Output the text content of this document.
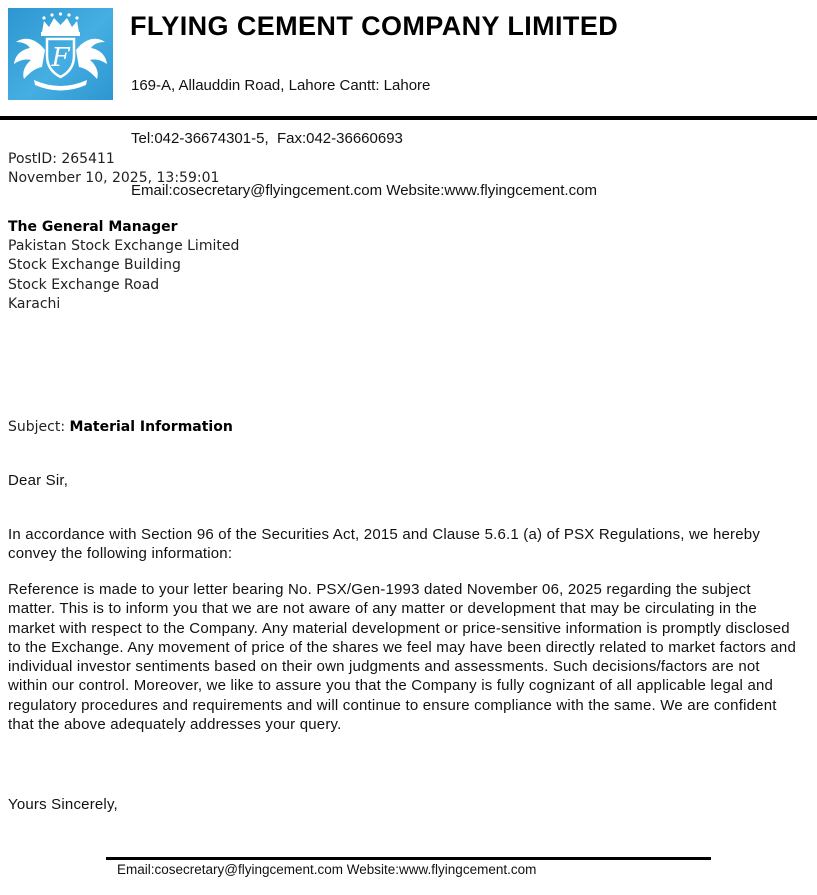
F
FLYING CEMENT COMPANY LIMITED

169-A, Allauddin Road, Lahore Cantt: Lahore

Tel:042-36674301-5,  Fax:042-36660693

Email:cosecretary@flyingcement.com Website:www.flyingcement.com

PostID: 265411
November 10, 2025, 13:59:01
The General Manager
Pakistan Stock Exchange Limited
Stock Exchange Building
Stock Exchange Road
Karachi
Subject: Material Information
Dear Sir,

In accordance with Section 96 of the Securities Act, 2015 and Clause 5.6.1 (a) of PSX Regulations, we hereby convey the following information:

Reference is made to your letter bearing No. PSX/Gen-1993 dated November 06, 2025 regarding the subject matter. This is to inform you that we are not aware of any matter or development that may be circulating in the market with respect to the Company. Any material development or price-sensitive information is promptly disclosed to the Exchange. Any movement of price of the shares we feel may have been directly related to market factors and individual investor sentiments based on their own judgments and assessments. Such decisions/factors are not within our control. Moreover, we like to assure you that the Company is fully cognizant of all applicable legal and regulatory procedures and requirements and will continue to ensure compliance with the same. We are confident that the above adequately addresses your query.

Yours Sincerely,
Email:cosecretary@flyingcement.com Website:www.flyingcement.com
